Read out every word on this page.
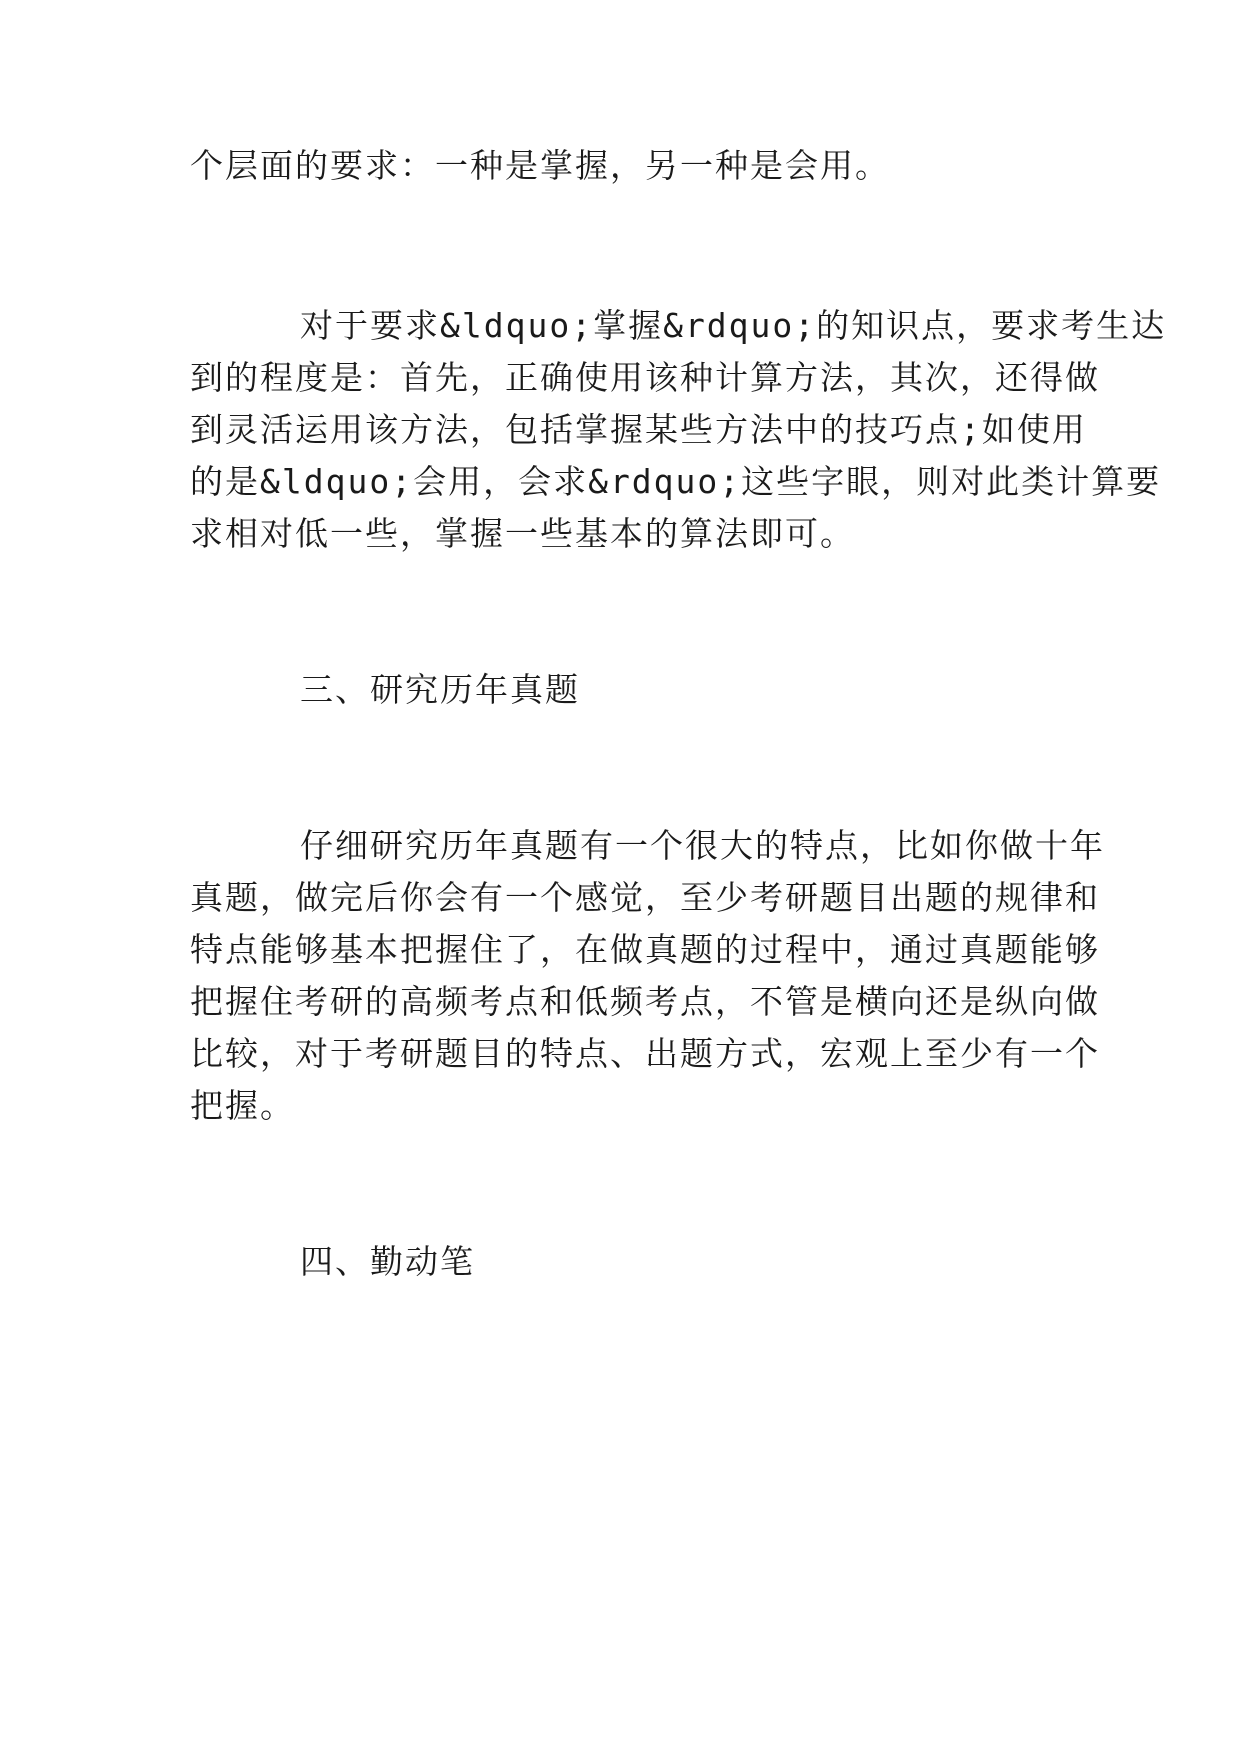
个层面的要求：一种是掌握，另一种是会用。
对于要求&ldquo;掌握&rdquo;的知识点，要求考生达
到的程度是：首先，正确使用该种计算方法，其次，还得做
到灵活运用该方法，包括掌握某些方法中的技巧点;如使用
的是&ldquo;会用，会求&rdquo;这些字眼，则对此类计算要
求相对低一些，掌握一些基本的算法即可。
三、研究历年真题
仔细研究历年真题有一个很大的特点，比如你做十年
真题，做完后你会有一个感觉，至少考研题目出题的规律和
特点能够基本把握住了，在做真题的过程中，通过真题能够
把握住考研的高频考点和低频考点，不管是横向还是纵向做
比较，对于考研题目的特点、出题方式，宏观上至少有一个
把握。
四、勤动笔
